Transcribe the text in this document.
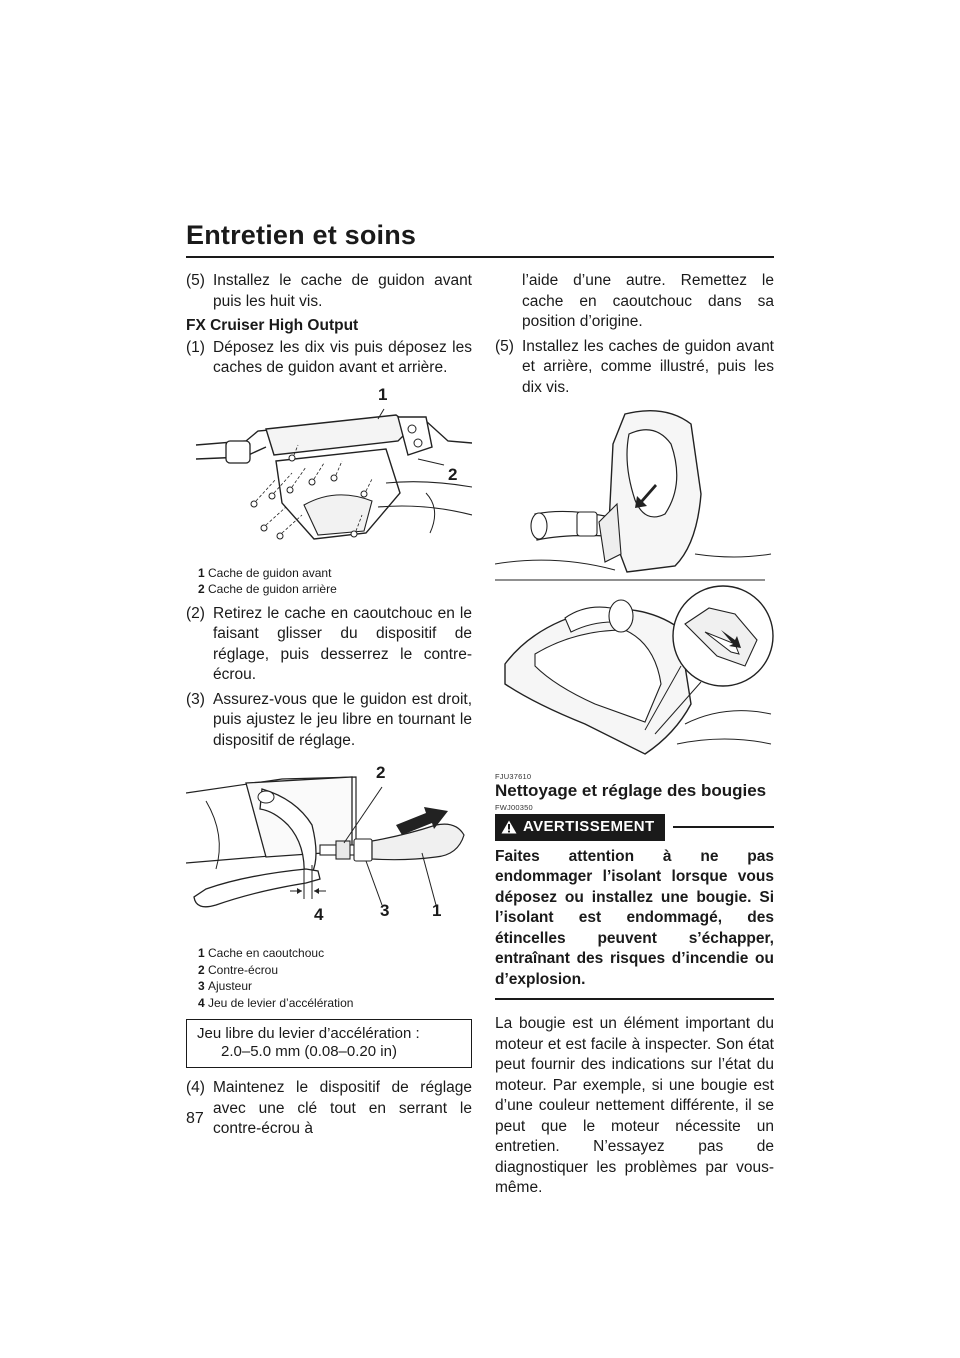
Entretien et soins

(5) Installez le cache de guidon avant puis les huit vis.

FX Cruiser High Output

(1) Déposez les dix vis puis déposez les caches de guidon avant et arrière.

1
2
1 Cache de guidon avant
2 Cache de guidon arrière

(2) Retirez le cache en caoutchouc en le faisant glisser du dispositif de réglage, puis desserrez le contre-écrou.

(3) Assurez-vous que le guidon est droit, puis ajustez le jeu libre en tournant le dispositif de réglage.

2
4	3	1
1 Cache en caoutchouc
2 Contre-écrou
3 Ajusteur
4 Jeu de levier d’accélération
Jeu libre du levier d’accélération :
2.0–5.0 mm (0.08–0.20 in)

(4) Maintenez le dispositif de réglage avec une clé tout en serrant le contre-écrou à

l’aide d’une autre. Remettez le cache en caoutchouc dans sa position d’origine.

(5) Installez les caches de guidon avant et arrière, comme illustré, puis les dix vis.

FJU37610
Nettoyage et réglage des bougies
FWJ00350
AVERTISSEMENT

Faites attention à ne pas endommager l’isolant lorsque vous déposez ou installez une bougie. Si l’isolant est endommagé, des étincelles peuvent s’échapper, entraînant des risques d’incendie ou d’explosion.

La bougie est un élément important du moteur et est facile à inspecter. Son état peut fournir des indications sur l’état du moteur. Par exemple, si une bougie est d’une couleur nettement différente, il se peut que le moteur nécessite un entretien. N’essayez pas de diagnostiquer les problèmes par vous-même.

87
